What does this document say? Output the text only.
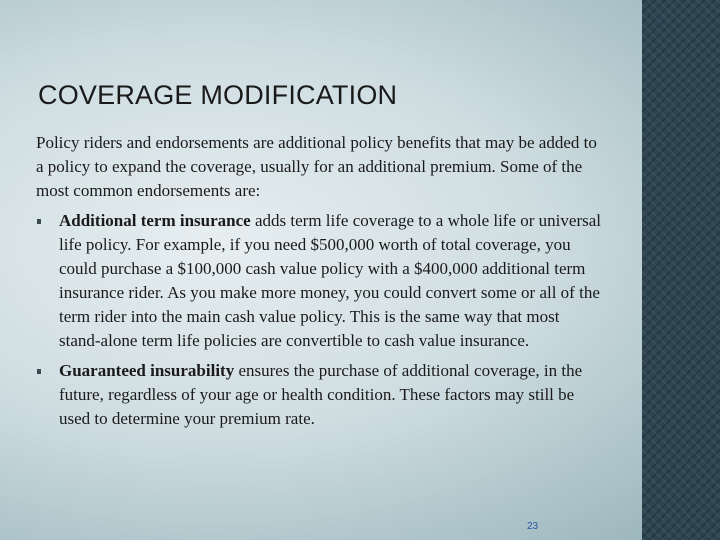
COVERAGE MODIFICATION

Policy riders and endorsements are additional policy benefits that may be added to a policy to expand the coverage, usually for an additional premium. Some of the most common endorsements are:

Additional term insurance adds term life coverage to a whole life or universal life policy. For example, if you need $500,000 worth of total coverage, you could purchase a $100,000 cash value policy with a $400,000 additional term insurance rider. As you make more money, you could convert some or all of the term rider into the main cash value policy. This is the same way that most stand-alone term life policies are convertible to cash value insurance.
Guaranteed insurability ensures the purchase of additional coverage, in the future, regardless of your age or health condition. These factors may still be used to determine your premium rate.
23
